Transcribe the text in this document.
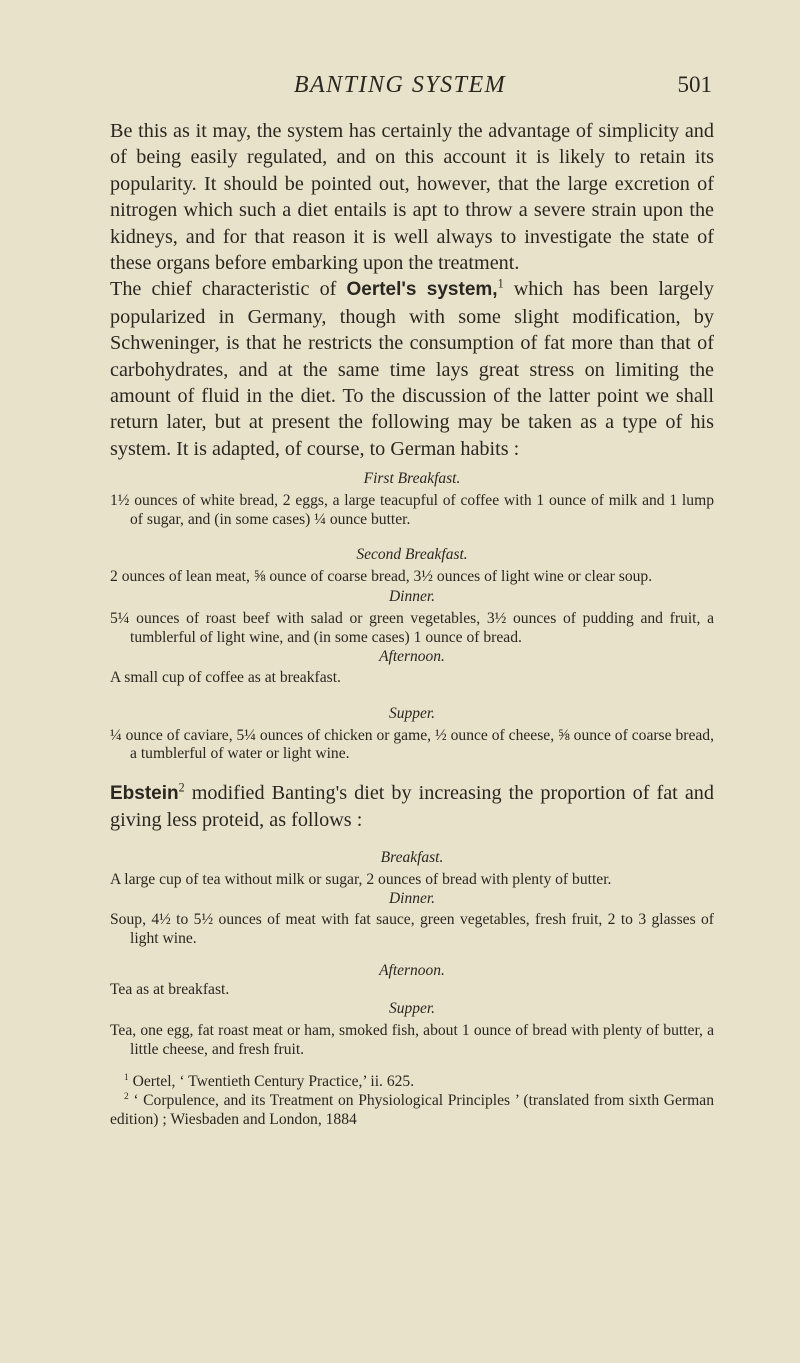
BANTING SYSTEM	501

Be this as it may, the system has certainly the advantage of simplicity and of being easily regulated, and on this account it is likely to retain its popularity. It should be pointed out, however, that the large excretion of nitrogen which such a diet entails is apt to throw a severe strain upon the kidneys, and for that reason it is well always to investigate the state of these organs before embarking upon the treatment.

The chief characteristic of Oertel's system,$^1$ which has been largely popularized in Germany, though with some slight modification, by Schweninger, is that he restricts the consumption of fat more than that of carbohydrates, and at the same time lays great stress on limiting the amount of fluid in the diet. To the discussion of the latter point we shall return later, but at present the following may be taken as a type of his system. It is adapted, of course, to German habits :

First Breakfast.

1½ ounces of white bread, 2 eggs, a large teacupful of coffee with 1 ounce of milk and 1 lump of sugar, and (in some cases) ¼ ounce butter.

Second Breakfast.

2 ounces of lean meat, ⅝ ounce of coarse bread, 3½ ounces of light wine or clear soup.

Dinner.

5¼ ounces of roast beef with salad or green vegetables, 3½ ounces of pudding and fruit, a tumblerful of light wine, and (in some cases) 1 ounce of bread.

Afternoon.

A small cup of coffee as at breakfast.

Supper.

¼ ounce of caviare, 5¼ ounces of chicken or game, ½ ounce of cheese, ⅝ ounce of coarse bread, a tumblerful of water or light wine.

Ebstein$^2$ modified Banting's diet by increasing the proportion of fat and giving less proteid, as follows :

Breakfast.

A large cup of tea without milk or sugar, 2 ounces of bread with plenty of butter.

Dinner.

Soup, 4½ to 5½ ounces of meat with fat sauce, green vegetables, fresh fruit, 2 to 3 glasses of light wine.

Afternoon.

Tea as at breakfast.

Supper.

Tea, one egg, fat roast meat or ham, smoked fish, about 1 ounce of bread with plenty of butter, a little cheese, and fresh fruit.

$^1$ Oertel, ‘ Twentieth Century Practice,’ ii. 625.

$^2$ ‘ Corpulence, and its Treatment on Physiological Principles ’ (translated from sixth German edition) ; Wiesbaden and London, 1884
